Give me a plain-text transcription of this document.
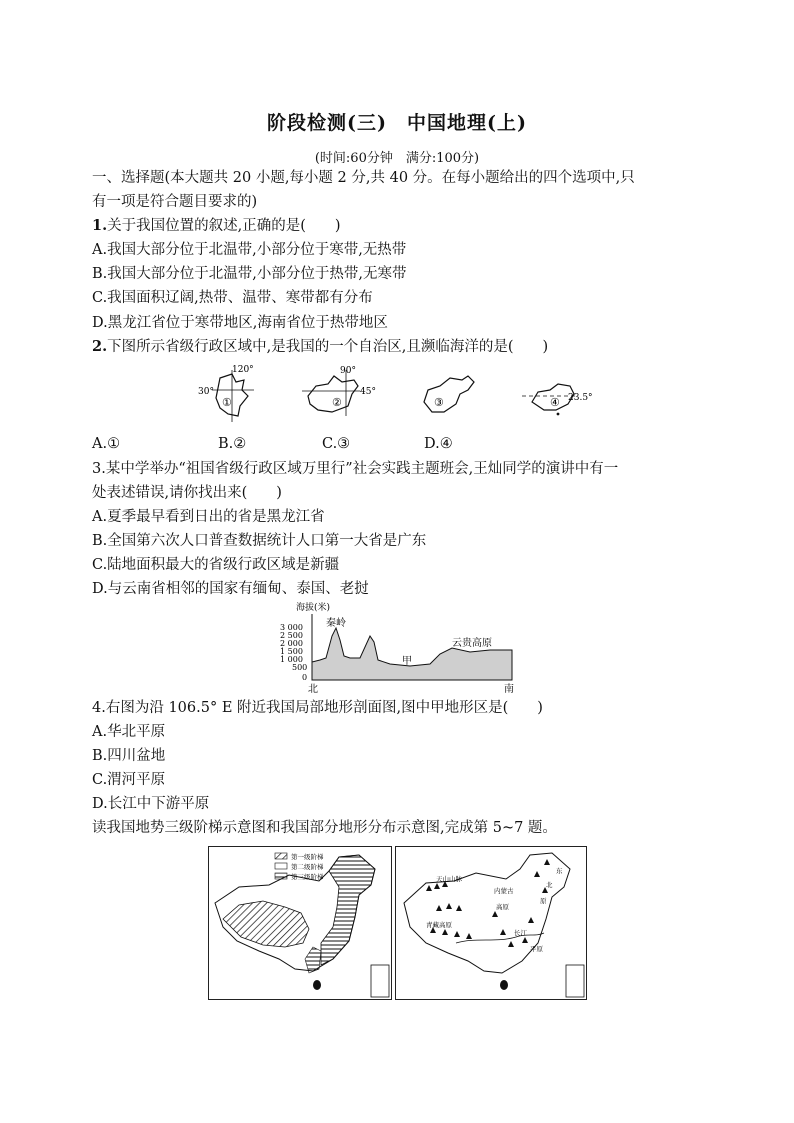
阶段检测(三)　中国地理(上)
(时间:60分钟　满分:100分)
一、选择题(本大题共 20 小题,每小题 2 分,共 40 分。在每小题给出的四个选项中,只
有一项是符合题目要求的)
1.关于我国位置的叙述,正确的是(　　)
A.我国大部分位于北温带,小部分位于寒带,无热带
B.我国大部分位于北温带,小部分位于热带,无寒带
C.我国面积辽阔,热带、温带、寒带都有分布
D.黑龙江省位于寒带地区,海南省位于热带地区
2.下图所示省级行政区域中,是我国的一个自治区,且濒临海洋的是(　　)
120°
30°
①
90°
45°
②	③	23.5°
④
A.①	B.②	C.③	D.④
3.某中学举办“祖国省级行政区域万里行”社会实践主题班会,王灿同学的演讲中有一
处表述错误,请你找出来(　　)
A.夏季最早看到日出的省是黑龙江省
B.全国第六次人口普查数据统计人口第一大省是广东
C.陆地面积最大的省级行政区域是新疆
D.与云南省相邻的国家有缅甸、泰国、老挝
海拔(米)
3 000
2 500
2 000
1 500
1 000
500
0
秦岭
甲
云贵高原
北	南
4.右图为沿 106.5° E 附近我国局部地形剖面图,图中甲地形区是(　　)
A.华北平原
B.四川盆地
C.渭河平原
D.长江中下游平原
读我国地势三级阶梯示意图和我国部分地形分布示意图,完成第 5~7 题。
第一级阶梯
第二级阶梯
第三级阶梯	天山山脉
内蒙古
东
北
原
高原
青藏高原
长江
平原
